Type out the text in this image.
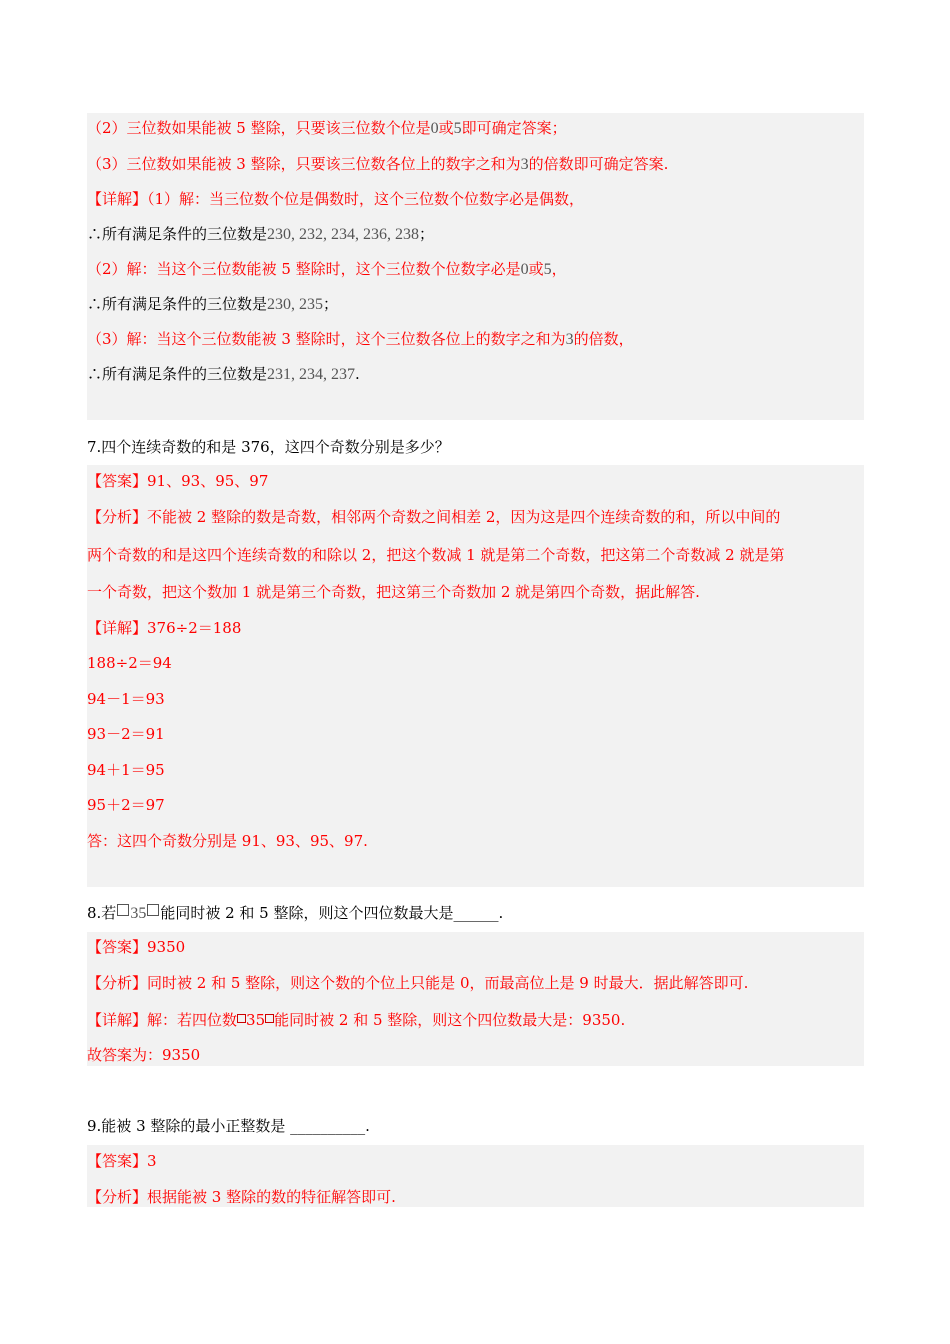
（2）三位数如果能被 5 整除，只要该三位数个位是0或5即可确定答案；
（3）三位数如果能被 3 整除，只要该三位数各位上的数字之和为3的倍数即可确定答案.
【详解】（1）解：当三位数个位是偶数时，这个三位数个位数字必是偶数，
∴所有满足条件的三位数是230, 232, 234, 236, 238；
（2）解：当这个三位数能被 5 整除时，这个三位数个位数字必是0或5，
∴所有满足条件的三位数是230, 235；
（3）解：当这个三位数能被 3 整除时，这个三位数各位上的数字之和为3的倍数，
∴所有满足条件的三位数是231, 234, 237.
7.四个连续奇数的和是 376，这四个奇数分别是多少？
【答案】91、93、95、97
【分析】不能被 2 整除的数是奇数，相邻两个奇数之间相差 2，因为这是四个连续奇数的和，所以中间的
两个奇数的和是这四个连续奇数的和除以 2，把这个数减 1 就是第二个奇数，把这第二个奇数减 2 就是第
一个奇数，把这个数加 1 就是第三个奇数，把这第三个奇数加 2 就是第四个奇数，据此解答.
【详解】376÷2＝188
188÷2＝94
94－1＝93
93－2＝91
94＋1＝95
95＋2＝97
答：这四个奇数分别是 91、93、95、97.
8.若 35 能同时被 2 和 5 整除，则这个四位数最大是______.
【答案】9350
【分析】同时被 2 和 5 整除，则这个数的个位上只能是 0，而最高位上是 9 时最大．据此解答即可.
【详解】解：若四位数 35 能同时被 2 和 5 整除，则这个四位数最大是：9350.
故答案为：9350
9.能被 3 整除的最小正整数是 __________.
【答案】3
【分析】根据能被 3 整除的数的特征解答即可.
